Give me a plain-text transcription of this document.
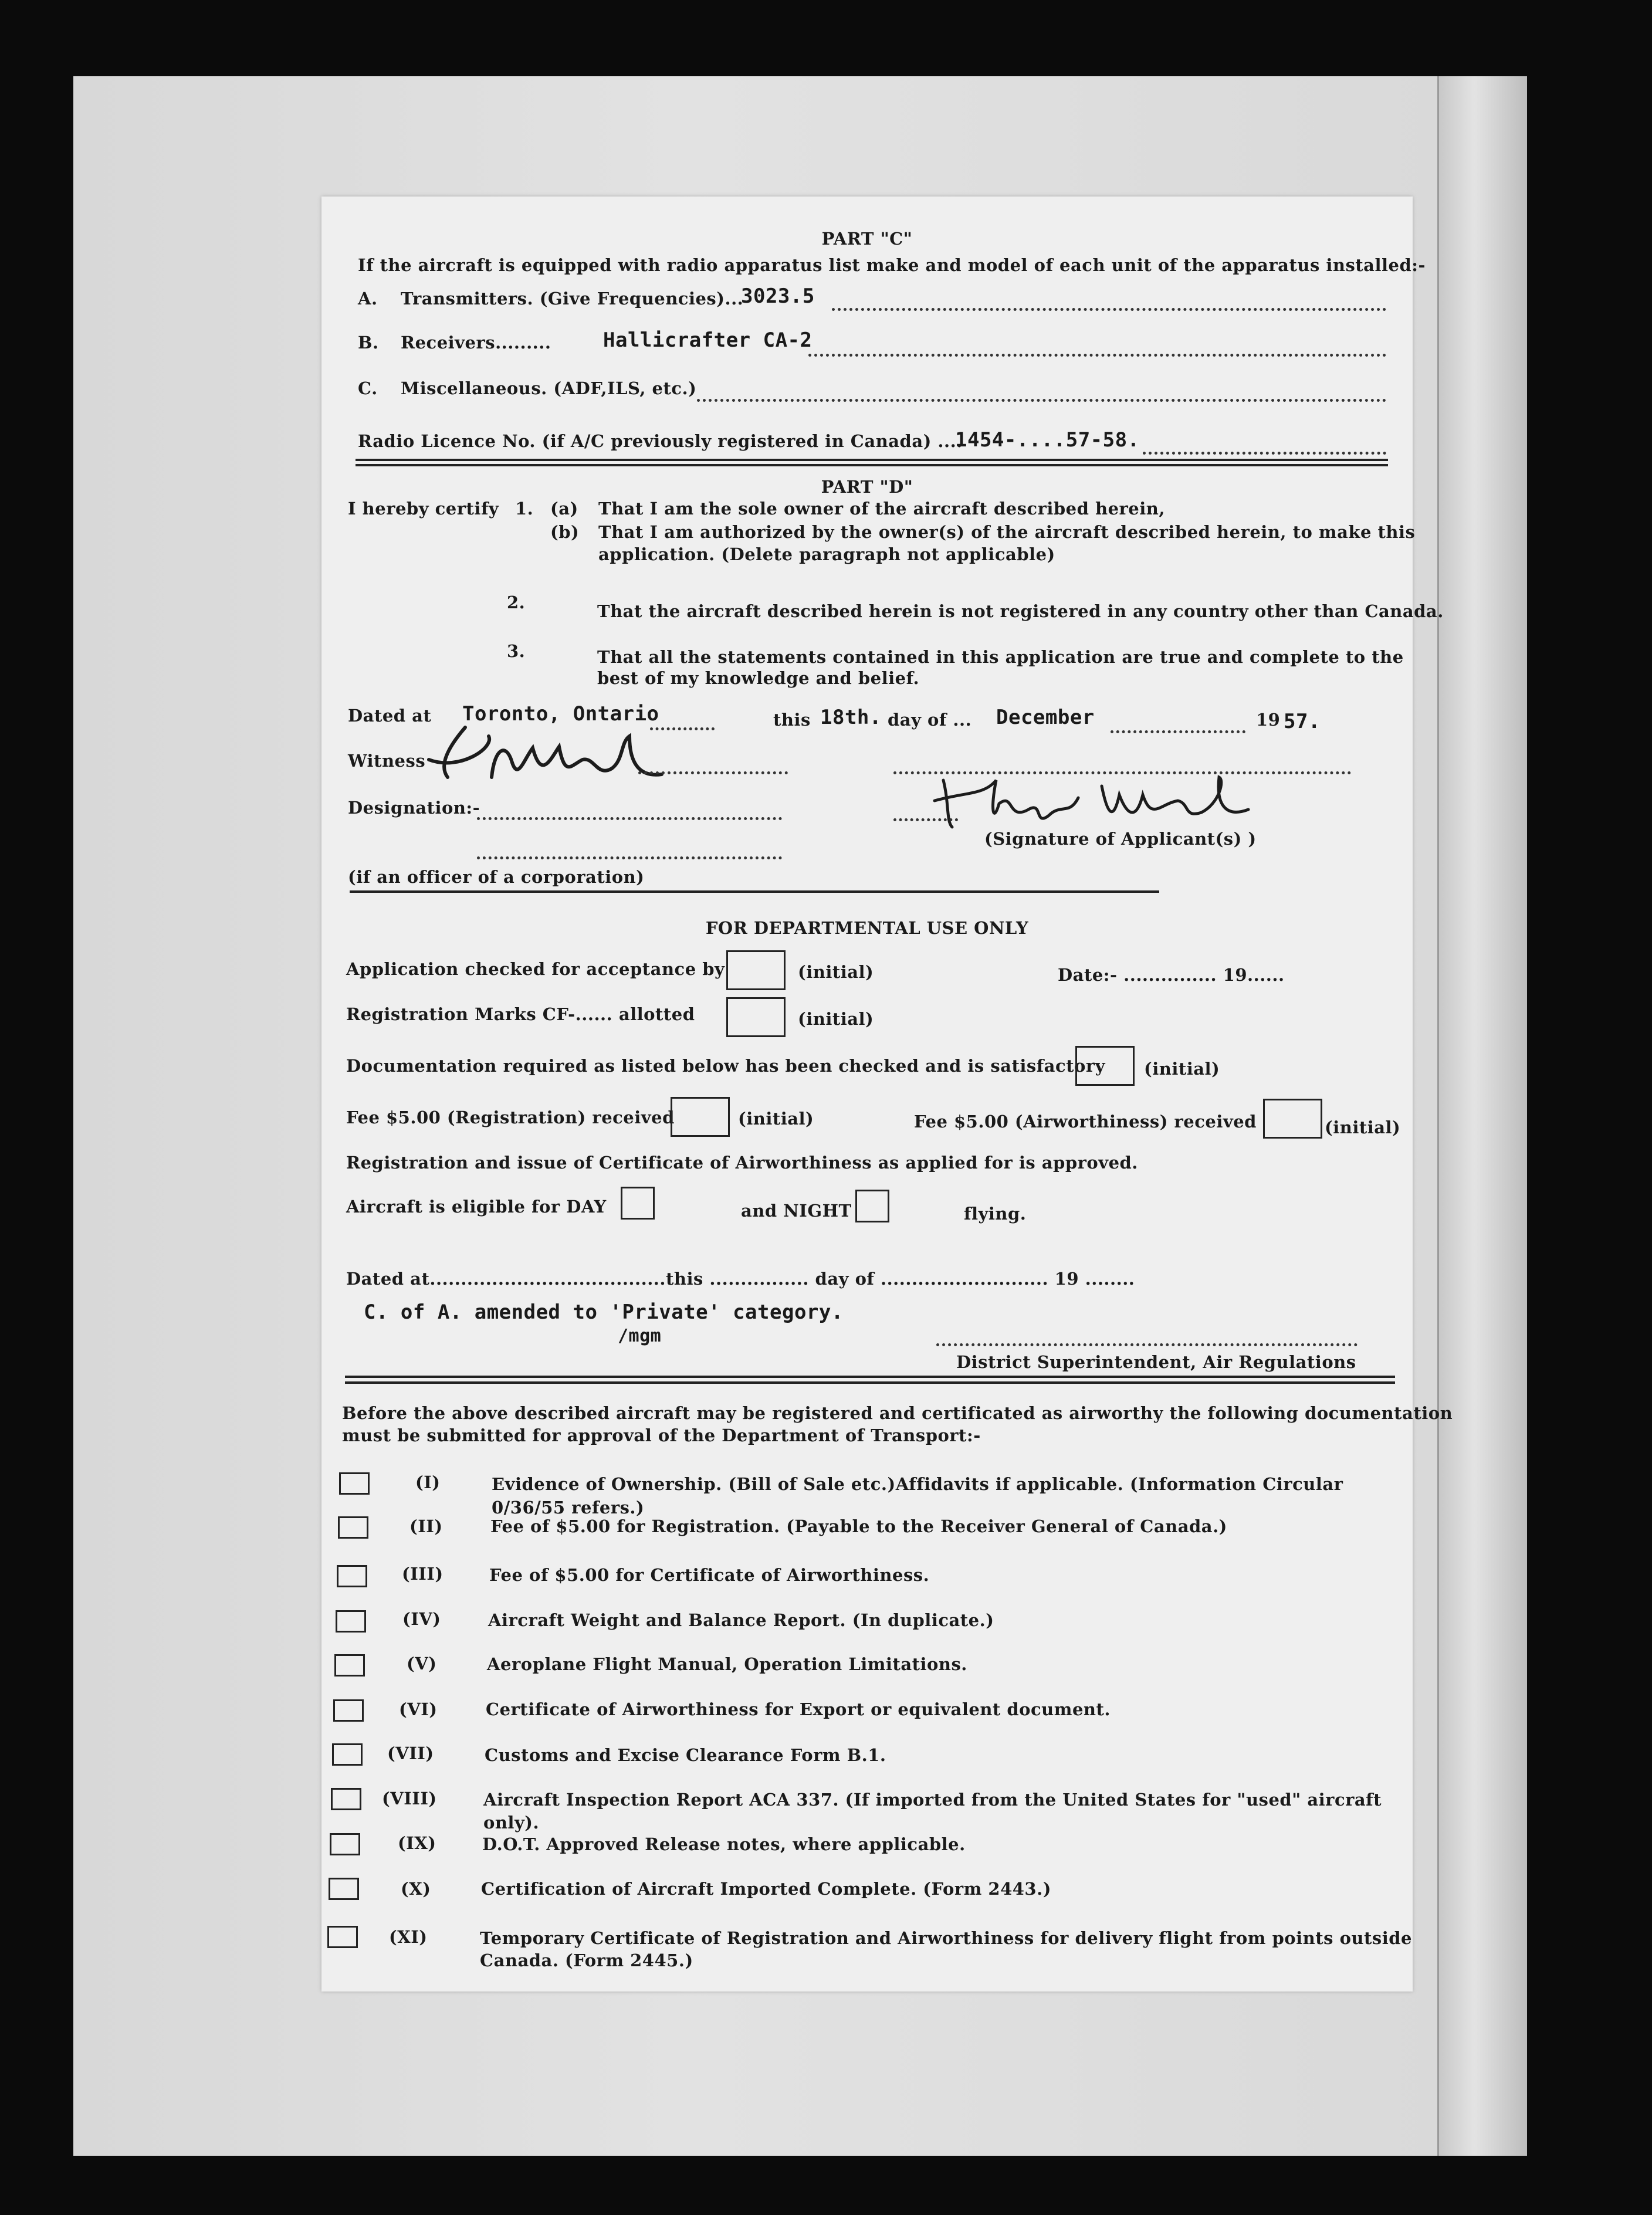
PART "C"
If the aircraft is equipped with radio apparatus list make and model of each unit of the apparatus installed:-
A. Transmitters. (Give Frequencies)...
3023.5
B. Receivers.........	Hallicrafter CA-2
C. Miscellaneous. (ADF,ILS, etc.)
Radio Licence No. (if A/C previously registered in Canada) ....
1454-....57-58.
PART "D"
I hereby certify 1. (a) That I am the sole owner of the aircraft described herein,
(b) That I am authorized by the owner(s) of the aircraft described herein, to make this
application. (Delete paragraph not applicable)
2.	That the aircraft described herein is not registered in any country other than Canada.
3.	That all the statements contained in this application are true and complete to the
best of my knowledge and belief.
Dated at Toronto, Ontario	this 18th. day of ... December	19 57.
Witness
Designation:-
(Signature of Applicant(s) )
(if an officer of a corporation)
FOR DEPARTMENTAL USE ONLY
Application checked for acceptance by	(initial)	Date:- ............... 19......
Registration Marks CF-...... allotted	(initial)
Documentation required as listed below has been checked and is satisfactory (initial)
Fee $5.00 (Registration) received	(initial)	Fee $5.00 (Airworthiness) received	(initial)
Registration and issue of Certificate of Airworthiness as applied for is approved.
Aircraft is eligible for DAY	and NIGHT	flying.
Dated at......................................this ................ day of ........................... 19 ........
C. of A. amended to 'Private' category.
/mgm
District Superintendent, Air Regulations
Before the above described aircraft may be registered and certificated as airworthy the following documentation
must be submitted for approval of the Department of Transport:-
(I)	Evidence of Ownership. (Bill of Sale etc.)Affidavits if applicable. (Information Circular
0/36/55 refers.)
(II)	Fee of $5.00 for Registration. (Payable to the Receiver General of Canada.)
(III)	Fee of $5.00 for Certificate of Airworthiness.
(IV)	Aircraft Weight and Balance Report. (In duplicate.)
(V)	Aeroplane Flight Manual, Operation Limitations.
(VI)	Certificate of Airworthiness for Export or equivalent document.
(VII)	Customs and Excise Clearance Form B.1.
(VIII)	Aircraft Inspection Report ACA 337. (If imported from the United States for "used" aircraft
only).
(IX)	D.O.T. Approved Release notes, where applicable.
(X)	Certification of Aircraft Imported Complete. (Form 2443.)
(XI)	Temporary Certificate of Registration and Airworthiness for delivery flight from points outside
Canada. (Form 2445.)
